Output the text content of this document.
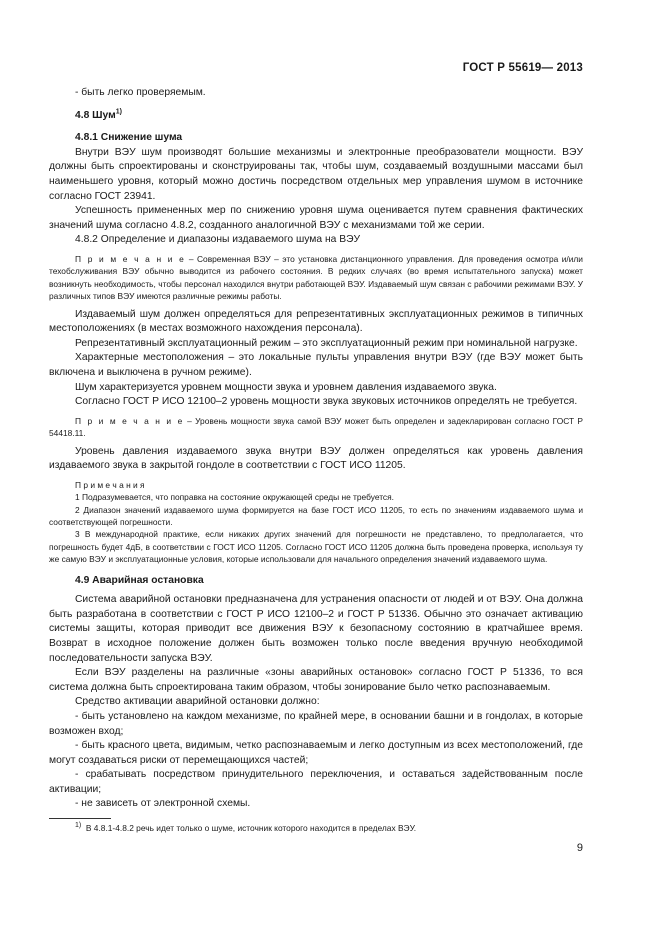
ГОСТ Р 55619— 2013

- быть легко проверяемым.

4.8 Шум$^{1)}$

4.8.1 Снижение шума

Внутри ВЭУ шум производят большие механизмы и электронные преобразователи мощности. ВЭУ должны быть спроектированы и сконструированы так, чтобы шум, создаваемый воздушными массами был наименьшего уровня, который можно достичь посредством отдельных мер управления шумом в источнике согласно ГОСТ 23941.

Успешность примененных мер по снижению уровня шума оценивается путем сравнения фактических значений шума согласно 4.8.2, созданного аналогичной ВЭУ с механизмами той же серии.

4.8.2 Определение и диапазоны издаваемого шума на ВЭУ

П р и м е ч а н и е – Современная ВЭУ – это установка дистанционного управления. Для проведения осмотра и/или техобслуживания ВЭУ обычно выводится из рабочего состояния. В редких случаях (во время испытательного запуска) может возникнуть необходимость, чтобы персонал находился внутри работающей ВЭУ. Издаваемый шум связан с рабочими режимами ВЭУ. У различных типов ВЭУ имеются различные режимы работы.

Издаваемый шум должен определяться для репрезентативных эксплуатационных режимов в типичных местоположениях (в местах возможного нахождения персонала).

Репрезентативный эксплуатационный режим – это эксплуатационный режим при номинальной нагрузке.

Характерные местоположения – это локальные пульты управления внутри ВЭУ (где ВЭУ может быть включена и выключена в ручном режиме).

Шум характеризуется уровнем мощности звука и уровнем давления издаваемого звука.

Согласно ГОСТ Р ИСО 12100–2 уровень мощности звука звуковых источников определять не требуется.

П р и м е ч а н и е – Уровень мощности звука самой ВЭУ может быть определен и задекларирован согласно ГОСТ Р 54418.11.

Уровень давления издаваемого звука внутри ВЭУ должен определяться как уровень давления издаваемого звука в закрытой гондоле в соответствии с ГОСТ ИСО 11205.

П р и м е ч а н и я

1 Подразумевается, что поправка на состояние окружающей среды не требуется.

2 Диапазон значений издаваемого шума формируется на базе ГОСТ ИСО 11205, то есть по значениям издаваемого шума и соответствующей погрешности.

3 В международной практике, если никаких других значений для погрешности не представлено, то предполагается, что погрешность будет 4дБ, в соответствии с ГОСТ ИСО 11205. Согласно ГОСТ ИСО 11205 должна быть проведена проверка, используя ту же самую ВЭУ и эксплуатационные условия, которые использовали для начального определения значений издаваемого шума.

4.9 Аварийная остановка

Система аварийной остановки предназначена для устранения опасности от людей и от ВЭУ. Она должна быть разработана в соответствии с ГОСТ Р ИСО 12100–2 и ГОСТ Р 51336. Обычно это означает активацию системы защиты, которая приводит все движения ВЭУ к безопасному состоянию в кратчайшее время. Возврат в исходное положение должен быть возможен только после введения вручную необходимой последовательности запуска ВЭУ.

Если ВЭУ разделены на различные «зоны аварийных остановок» согласно ГОСТ Р 51336, то вся система должна быть спроектирована таким образом, чтобы зонирование было четко распознаваемым.

Средство активации аварийной остановки должно:

- быть установлено на каждом механизме, по крайней мере, в основании башни и в гондолах, в которые возможен вход;

- быть красного цвета, видимым, четко распознаваемым и легко доступным из всех местоположений, где могут создаваться риски от перемещающихся частей;

- срабатывать посредством принудительного переключения, и оставаться задействованным после активации;

- не зависеть от электронной схемы.

$^{1)}$ В 4.8.1-4.8.2 речь идет только о шуме, источник которого находится в пределах ВЭУ.
9
